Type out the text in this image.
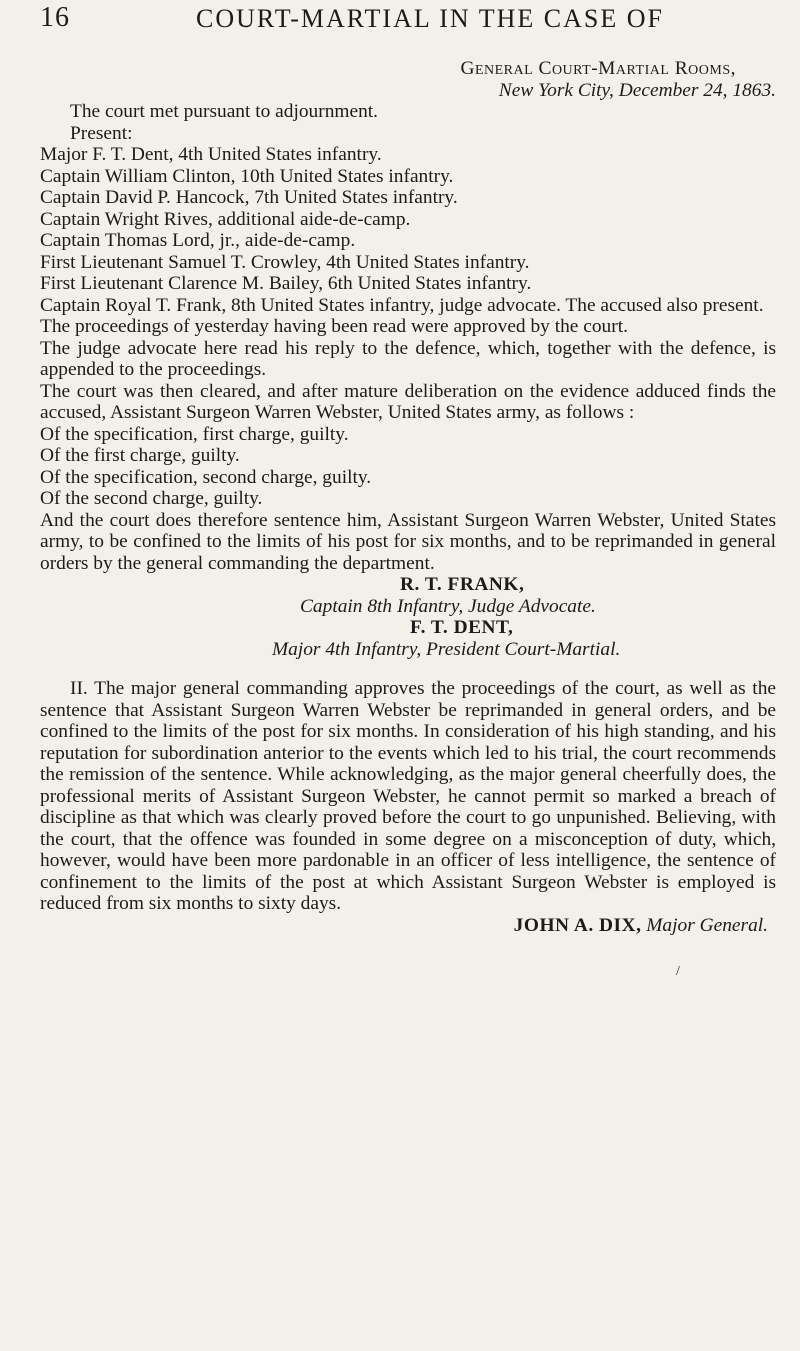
16	COURT-MARTIAL IN THE CASE OF

General Court-Martial Rooms,

New York City, December 24, 1863.

The court met pursuant to adjournment.

Present:

Major F. T. Dent, 4th United States infantry.

Captain William Clinton, 10th United States infantry.

Captain David P. Hancock, 7th United States infantry.

Captain Wright Rives, additional aide-de-camp.

Captain Thomas Lord, jr., aide-de-camp.

First Lieutenant Samuel T. Crowley, 4th United States infantry.

First Lieutenant Clarence M. Bailey, 6th United States infantry.

Captain Royal T. Frank, 8th United States infantry, judge advocate. The accused also present.

The proceedings of yesterday having been read were approved by the court.

The judge advocate here read his reply to the defence, which, together with the defence, is appended to the proceedings.

The court was then cleared, and after mature deliberation on the evidence adduced finds the accused, Assistant Surgeon Warren Webster, United States army, as follows :

Of the specification, first charge, guilty.

Of the first charge, guilty.

Of the specification, second charge, guilty.

Of the second charge, guilty.

And the court does therefore sentence him, Assistant Surgeon Warren Webster, United States army, to be confined to the limits of his post for six months, and to be reprimanded in general orders by the general commanding the department.

R. T. FRANK,

Captain 8th Infantry, Judge Advocate.

F. T. DENT,

Major 4th Infantry, President Court-Martial.

II. The major general commanding approves the proceedings of the court, as well as the sentence that Assistant Surgeon Warren Webster be reprimanded in general orders, and be confined to the limits of the post for six months. In consideration of his high standing, and his reputation for subordination anterior to the events which led to his trial, the court recommends the remission of the sentence. While acknowledging, as the major general cheerfully does, the professional merits of Assistant Surgeon Webster, he cannot permit so marked a breach of discipline as that which was clearly proved before the court to go unpunished. Believing, with the court, that the offence was founded in some degree on a misconception of duty, which, however, would have been more pardonable in an officer of less intelligence, the sentence of confinement to the limits of the post at which Assistant Surgeon Webster is employed is reduced from six months to sixty days.

JOHN A. DIX, Major General.

/
